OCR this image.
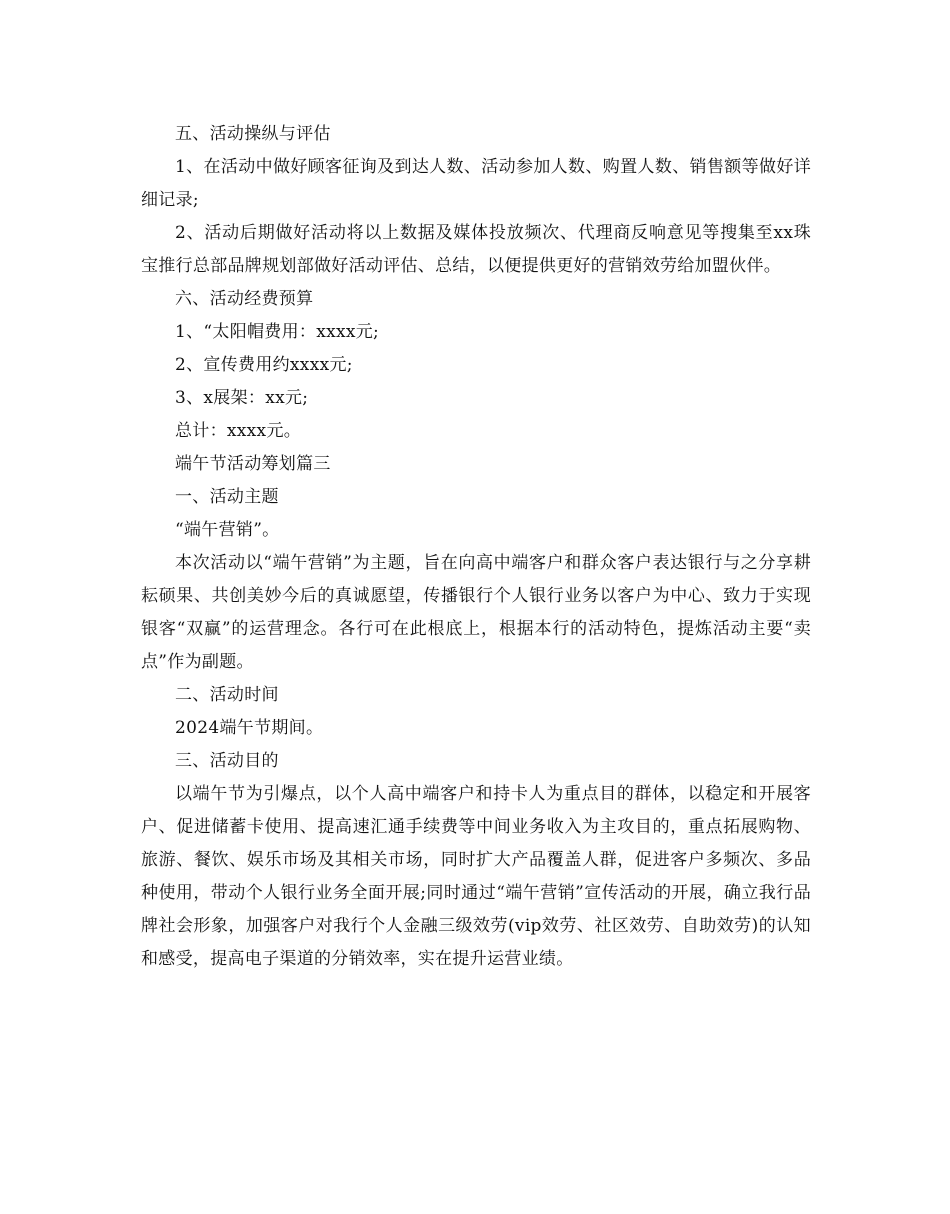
五、活动操纵与评估

1、在活动中做好顾客征询及到达人数、活动参加人数、购置人数、销售额等做好详细记录;

2、活动后期做好活动将以上数据及媒体投放频次、代理商反响意见等搜集至xx珠宝推行总部品牌规划部做好活动评估、总结，以便提供更好的营销效劳给加盟伙伴。

六、活动经费预算

1、“太阳帽费用：xxxx元;

2、宣传费用约xxxx元;

3、x展架：xx元;

总计：xxxx元。

端午节活动筹划篇三

一、活动主题

“端午营销”。

本次活动以“端午营销”为主题，旨在向高中端客户和群众客户表达银行与之分享耕耘硕果、共创美妙今后的真诚愿望，传播银行个人银行业务以客户为中心、致力于实现银客“双赢”的运营理念。各行可在此根底上，根据本行的活动特色，提炼活动主要“卖点”作为副题。

二、活动时间

2024端午节期间。

三、活动目的

以端午节为引爆点，以个人高中端客户和持卡人为重点目的群体，以稳定和开展客户、促进储蓄卡使用、提高速汇通手续费等中间业务收入为主攻目的，重点拓展购物、旅游、餐饮、娱乐市场及其相关市场，同时扩大产品覆盖人群，促进客户多频次、多品种使用，带动个人银行业务全面开展;同时通过“端午营销”宣传活动的开展，确立我行品牌社会形象，加强客户对我行个人金融三级效劳(vip效劳、社区效劳、自助效劳)的认知和感受，提高电子渠道的分销效率，实在提升运营业绩。
